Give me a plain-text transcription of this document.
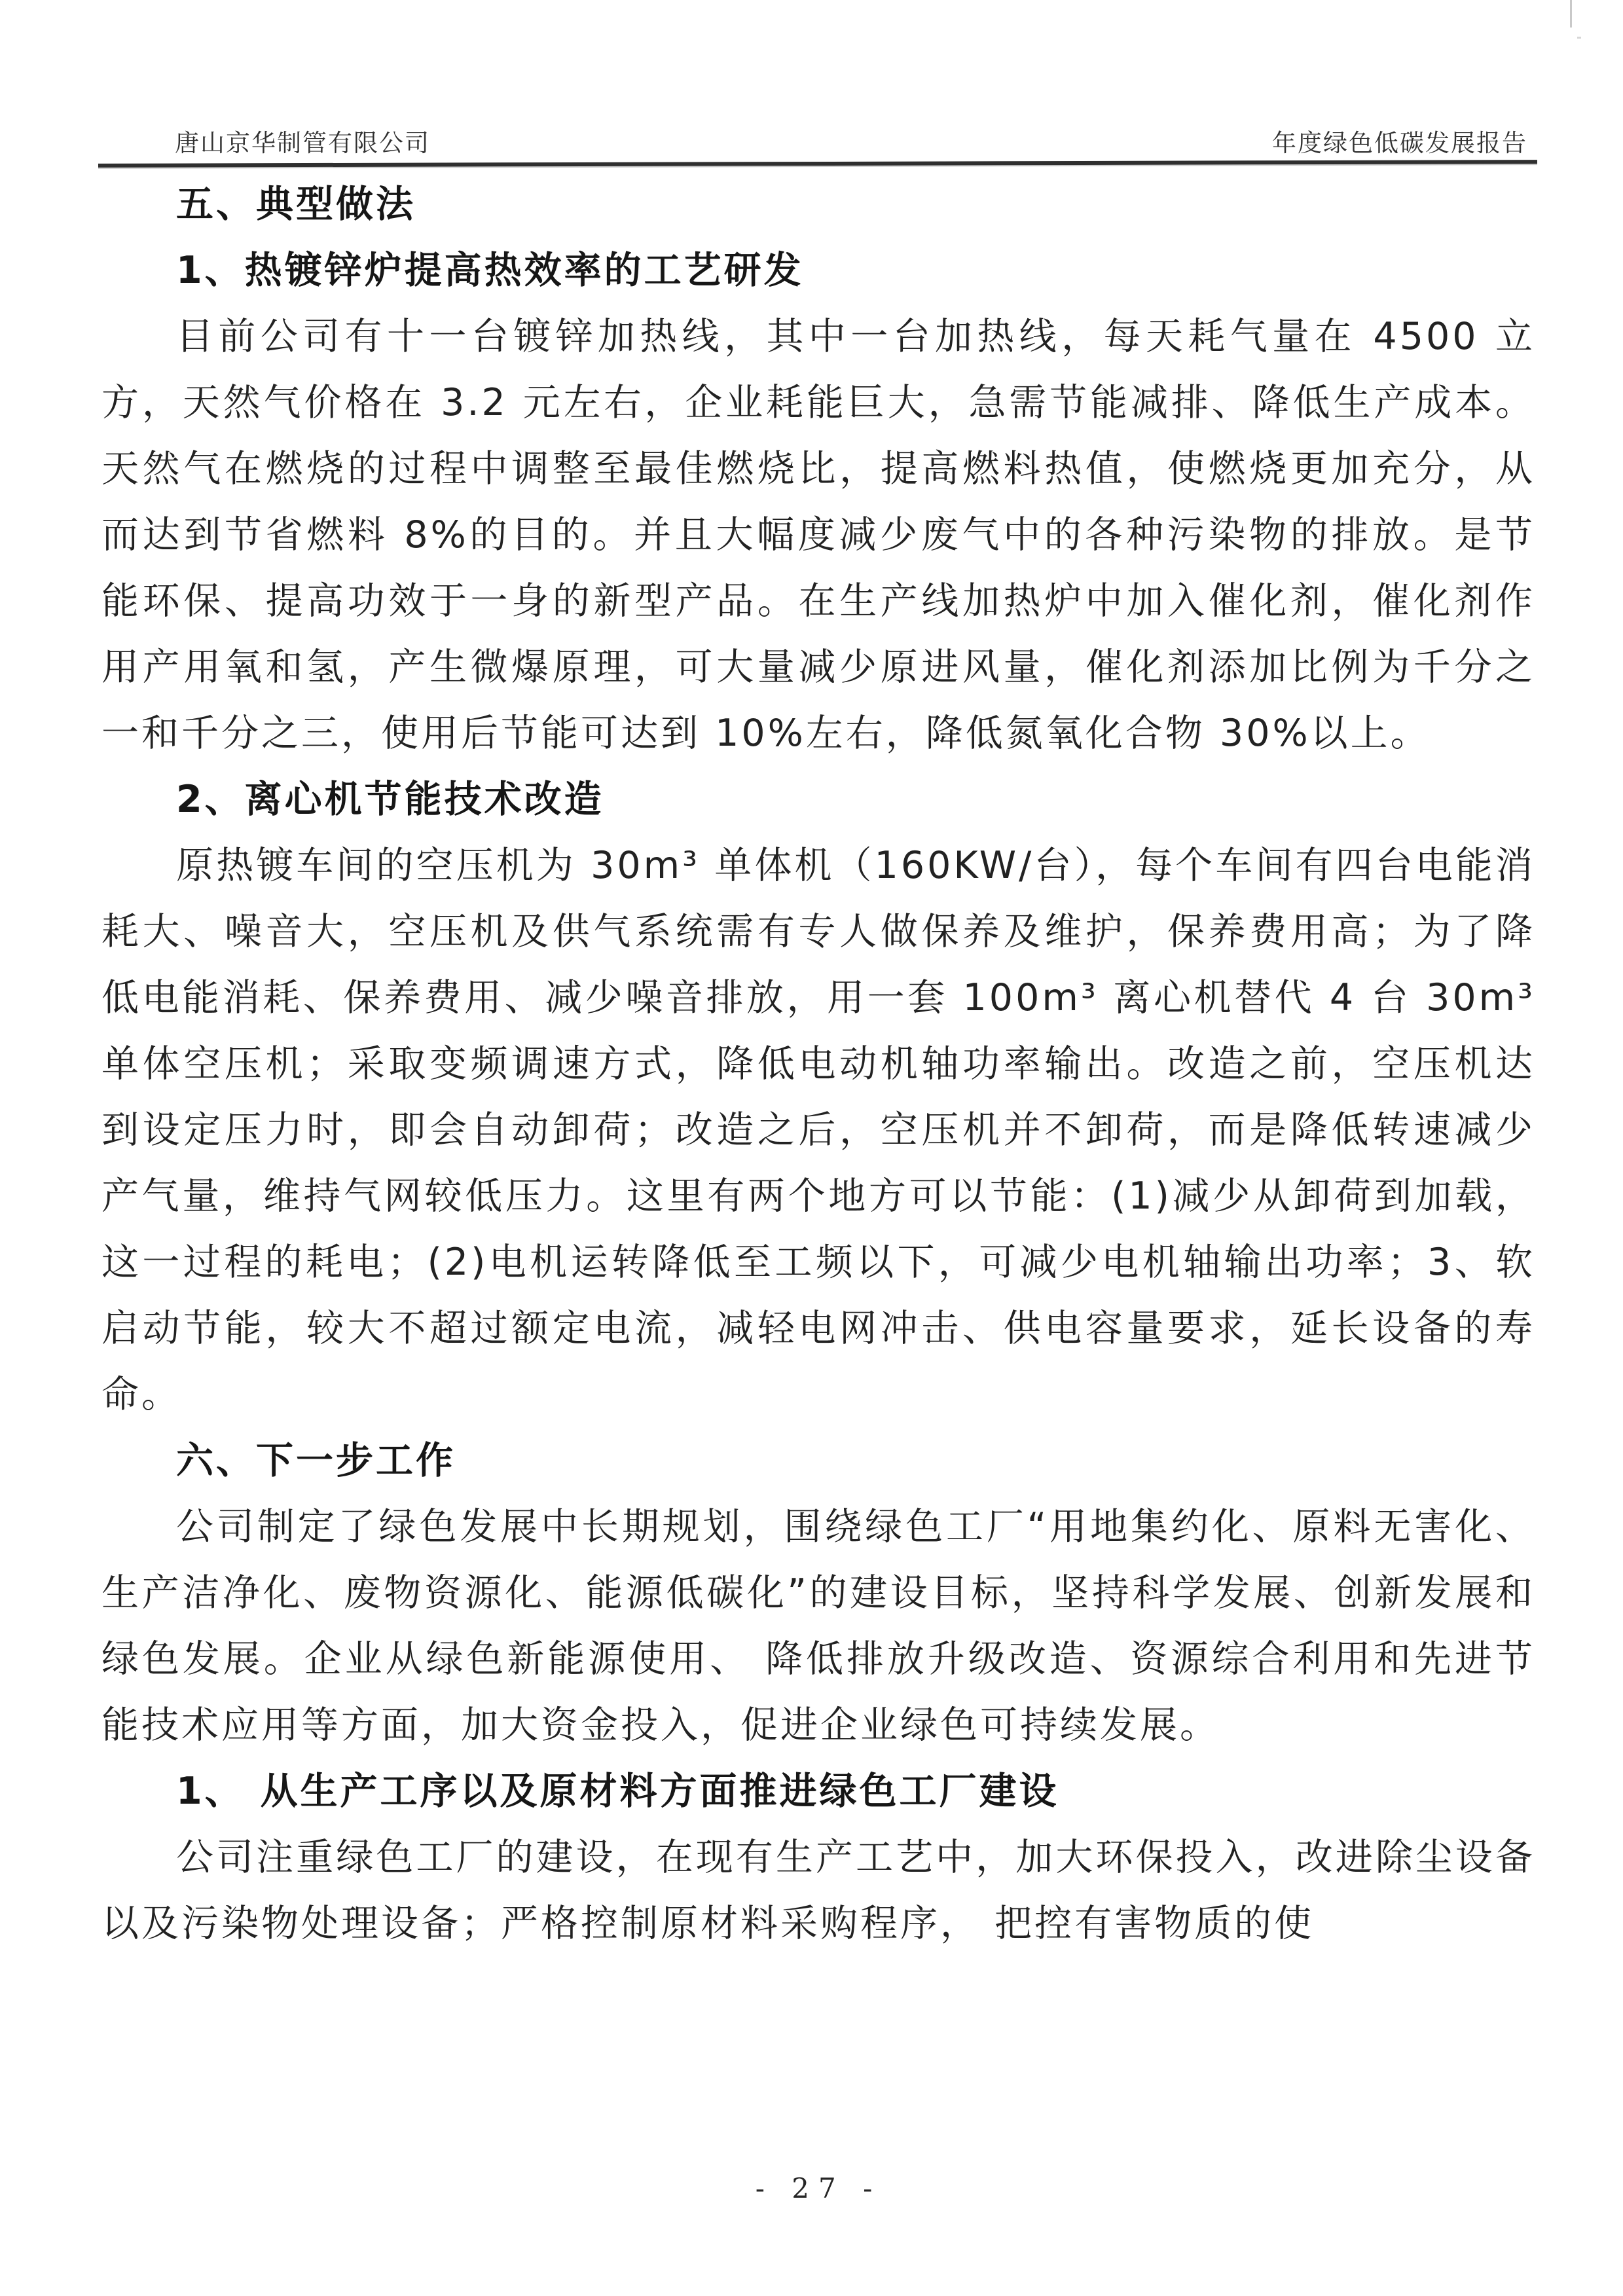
唐山京华制管有限公司	年度绿色低碳发展报告

五、典型做法

1、热镀锌炉提高热效率的工艺研发

目前公司有十一台镀锌加热线，其中一台加热线，每天耗气量在 4500 立方，天然气价格在 3.2 元左右，企业耗能巨大，急需节能减排、降低生产成本。天然气在燃烧的过程中调整至最佳燃烧比，提高燃料热值，使燃烧更加充分，从而达到节省燃料 8%的目的。并且大幅度减少废气中的各种污染物的排放。是节能环保、提高功效于一身的新型产品。在生产线加热炉中加入催化剂，催化剂作用产用氧和氢，产生微爆原理，可大量减少原进风量，催化剂添加比例为千分之一和千分之三，使用后节能可达到 10%左右，降低氮氧化合物 30%以上。

2、离心机节能技术改造

原热镀车间的空压机为 30m³ 单体机（160KW/台），每个车间有四台电能消耗大、噪音大，空压机及供气系统需有专人做保养及维护，保养费用高；为了降低电能消耗、保养费用、减少噪音排放，用一套 100m³ 离心机替代 4 台 30m³ 单体空压机；采取变频调速方式，降低电动机轴功率输出。改造之前，空压机达到设定压力时，即会自动卸荷；改造之后，空压机并不卸荷，而是降低转速减少产气量，维持气网较低压力。这里有两个地方可以节能：(1)减少从卸荷到加载，这一过程的耗电；(2)电机运转降低至工频以下，可减少电机轴输出功率；3、软启动节能，较大不超过额定电流，减轻电网冲击、供电容量要求，延长设备的寿命。

六、下一步工作

公司制定了绿色发展中长期规划，围绕绿色工厂“用地集约化、原料无害化、 生产洁净化、废物资源化、能源低碳化”的建设目标，坚持科学发展、创新发展和绿色发展。企业从绿色新能源使用、 降低排放升级改造、资源综合利用和先进节能技术应用等方面，加大资金投入，促进企业绿色可持续发展。

1、 从生产工序以及原材料方面推进绿色工厂建设

公司注重绿色工厂的建设，在现有生产工艺中，加大环保投入，改进除尘设备以及污染物处理设备；严格控制原材料采购程序， 把控有害物质的使

- 27 -
